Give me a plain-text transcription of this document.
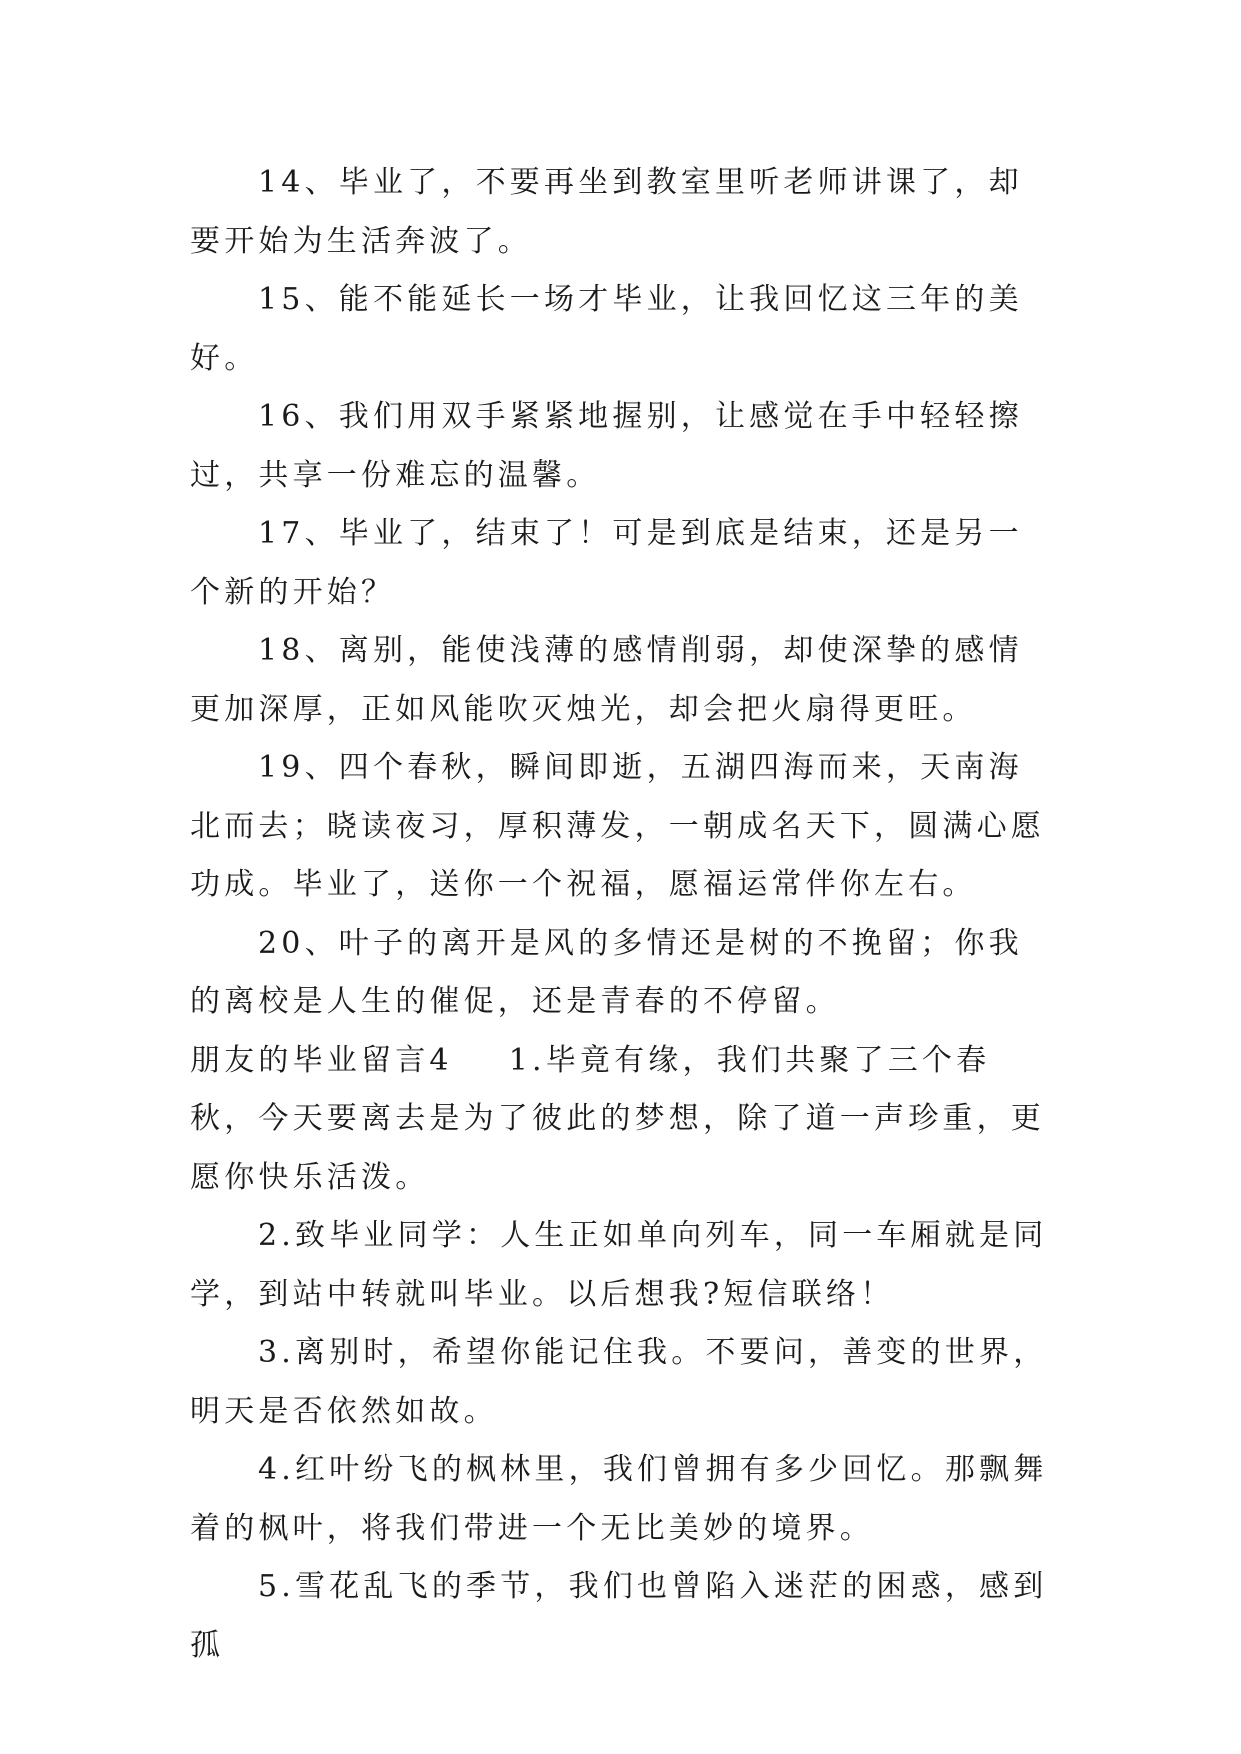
14、毕业了，不要再坐到教室里听老师讲课了，却要开始为生活奔波了。

15、能不能延长一场才毕业，让我回忆这三年的美好。

16、我们用双手紧紧地握别，让感觉在手中轻轻擦过，共享一份难忘的温馨。

17、毕业了，结束了！可是到底是结束，还是另一个新的开始？

18、离别，能使浅薄的感情削弱，却使深挚的感情更加深厚，正如风能吹灭烛光，却会把火扇得更旺。

19、四个春秋，瞬间即逝，五湖四海而来，天南海北而去；晓读夜习，厚积薄发，一朝成名天下，圆满心愿功成。毕业了，送你一个祝福，愿福运常伴你左右。

20、叶子的离开是风的多情还是树的不挽留；你我的离校是人生的催促，还是青春的不停留。

朋友的毕业留言4 1.毕竟有缘，我们共聚了三个春秋，今天要离去是为了彼此的梦想，除了道一声珍重，更愿你快乐活泼。

2.致毕业同学：人生正如单向列车，同一车厢就是同学，到站中转就叫毕业。以后想我?短信联络！

3.离别时，希望你能记住我。不要问，善变的世界，明天是否依然如故。

4.红叶纷飞的枫林里，我们曾拥有多少回忆。那飘舞着的枫叶，将我们带进一个无比美妙的境界。

5.雪花乱飞的季节，我们也曾陷入迷茫的困惑，感到孤
